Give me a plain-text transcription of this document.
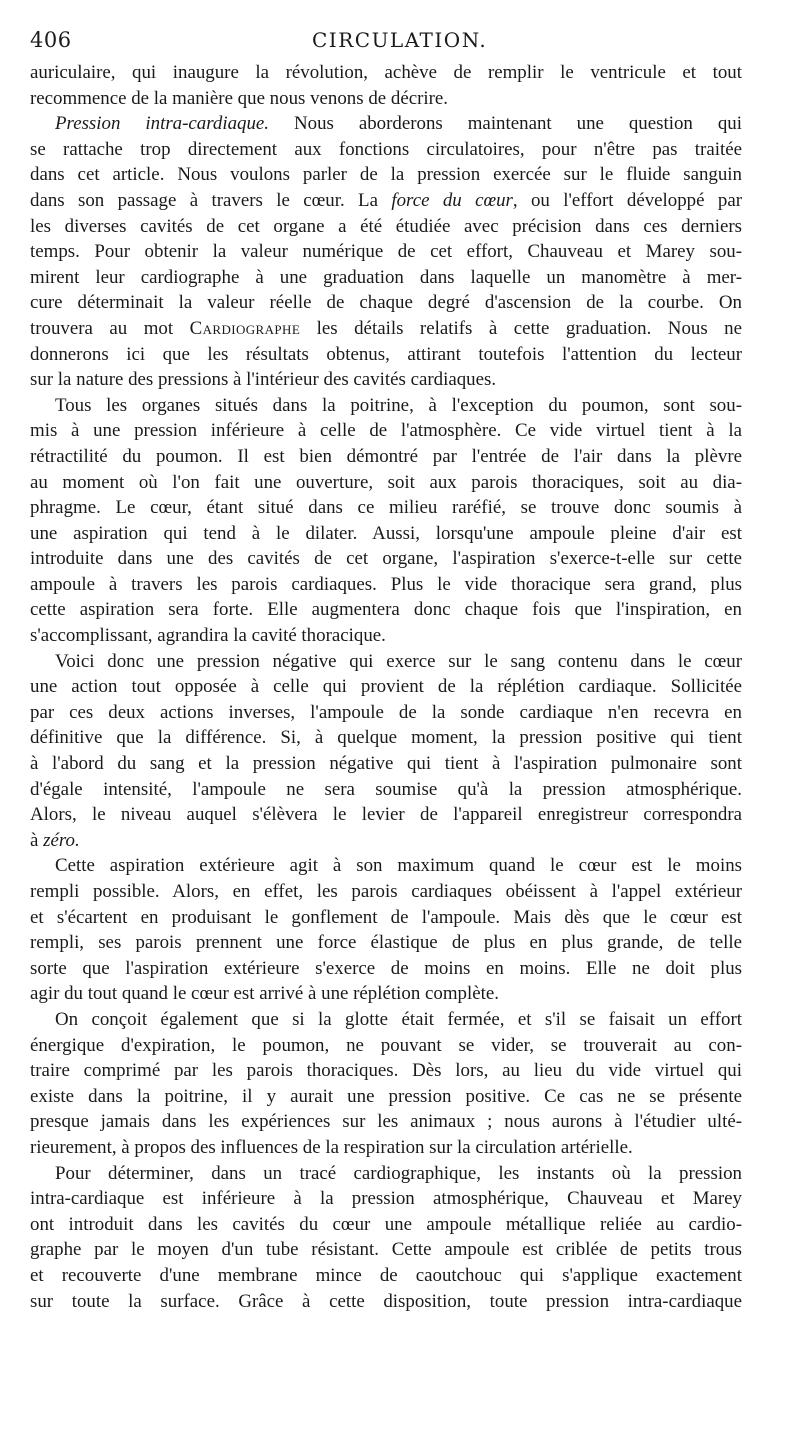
406	CIRCULATION.
auriculaire, qui inaugure la révolution, achève de remplir le ventricule et tout
recommence de la manière que nous venons de décrire.
Pression intra-cardiaque. Nous aborderons maintenant une question qui
se rattache trop directement aux fonctions circulatoires, pour n'être pas traitée
dans cet article. Nous voulons parler de la pression exercée sur le fluide sanguin
dans son passage à travers le cœur. La force du cœur, ou l'effort développé par
les diverses cavités de cet organe a été étudiée avec précision dans ces derniers
temps. Pour obtenir la valeur numérique de cet effort, Chauveau et Marey sou-
mirent leur cardiographe à une graduation dans laquelle un manomètre à mer-
cure déterminait la valeur réelle de chaque degré d'ascension de la courbe. On
trouvera au mot Cardiographe les détails relatifs à cette graduation. Nous ne
donnerons ici que les résultats obtenus, attirant toutefois l'attention du lecteur
sur la nature des pressions à l'intérieur des cavités cardiaques.
Tous les organes situés dans la poitrine, à l'exception du poumon, sont sou-
mis à une pression inférieure à celle de l'atmosphère. Ce vide virtuel tient à la
rétractilité du poumon. Il est bien démontré par l'entrée de l'air dans la plèvre
au moment où l'on fait une ouverture, soit aux parois thoraciques, soit au dia-
phragme. Le cœur, étant situé dans ce milieu raréfié, se trouve donc soumis à
une aspiration qui tend à le dilater. Aussi, lorsqu'une ampoule pleine d'air est
introduite dans une des cavités de cet organe, l'aspiration s'exerce-t-elle sur cette
ampoule à travers les parois cardiaques. Plus le vide thoracique sera grand, plus
cette aspiration sera forte. Elle augmentera donc chaque fois que l'inspiration, en
s'accomplissant, agrandira la cavité thoracique.
Voici donc une pression négative qui exerce sur le sang contenu dans le cœur
une action tout opposée à celle qui provient de la réplétion cardiaque. Sollicitée
par ces deux actions inverses, l'ampoule de la sonde cardiaque n'en recevra en
définitive que la différence. Si, à quelque moment, la pression positive qui tient
à l'abord du sang et la pression négative qui tient à l'aspiration pulmonaire sont
d'égale intensité, l'ampoule ne sera soumise qu'à la pression atmosphérique.
Alors, le niveau auquel s'élèvera le levier de l'appareil enregistreur correspondra
à zéro.
Cette aspiration extérieure agit à son maximum quand le cœur est le moins
rempli possible. Alors, en effet, les parois cardiaques obéissent à l'appel extérieur
et s'écartent en produisant le gonflement de l'ampoule. Mais dès que le cœur est
rempli, ses parois prennent une force élastique de plus en plus grande, de telle
sorte que l'aspiration extérieure s'exerce de moins en moins. Elle ne doit plus
agir du tout quand le cœur est arrivé à une réplétion complète.
On conçoit également que si la glotte était fermée, et s'il se faisait un effort
énergique d'expiration, le poumon, ne pouvant se vider, se trouverait au con-
traire comprimé par les parois thoraciques. Dès lors, au lieu du vide virtuel qui
existe dans la poitrine, il y aurait une pression positive. Ce cas ne se présente
presque jamais dans les expériences sur les animaux ; nous aurons à l'étudier ulté-
rieurement, à propos des influences de la respiration sur la circulation artérielle.
Pour déterminer, dans un tracé cardiographique, les instants où la pression
intra-cardiaque est inférieure à la pression atmosphérique, Chauveau et Marey
ont introduit dans les cavités du cœur une ampoule métallique reliée au cardio-
graphe par le moyen d'un tube résistant. Cette ampoule est criblée de petits trous
et recouverte d'une membrane mince de caoutchouc qui s'applique exactement
sur toute la surface. Grâce à cette disposition, toute pression intra-cardiaque
